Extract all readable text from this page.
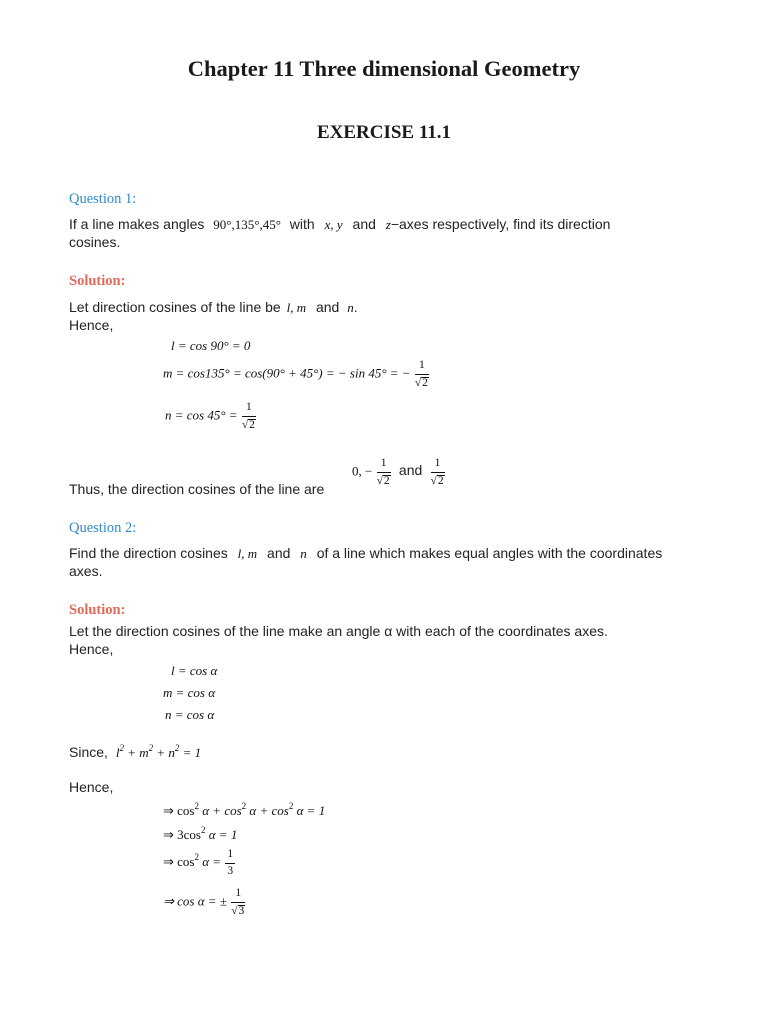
Chapter 11 Three dimensional Geometry
EXERCISE 11.1
Question 1:
If a line makes angles 90°,135°,45° with x, y and z−axes respectively, find its direction
cosines.
Solution:
Let direction cosines of the line be l, m and n.
Hence,
l = cos 90° = 0
m = cos135° = cos(90° + 45°) = − sin 45° = − $\frac{1}{√2}$
$n = \cos 45^\circ = \frac{1}{√2}$
Thus, the direction cosines of the line are
0, − $\frac{1}{√2}$ and $\frac{1}{√2}$
Question 2:
Find the direction cosines l, m and n of a line which makes equal angles with the coordinates
axes.
Solution:
Let the direction cosines of the line make an angle α with each of the coordinates axes.
Hence,
l = cos α
m = cos α
n = cos α
Since, $l^2 + m^2 + n^2 = 1$
Hence,
⇒ $\cos^2 \alpha + \cos^2 \alpha + \cos^2 \alpha = 1$
⇒ $3\cos^2$ α = 1
⇒ $\cos^2 \alpha = \frac{1}{3}$
⇒ cos α = ± $\frac{1}{√3}$
